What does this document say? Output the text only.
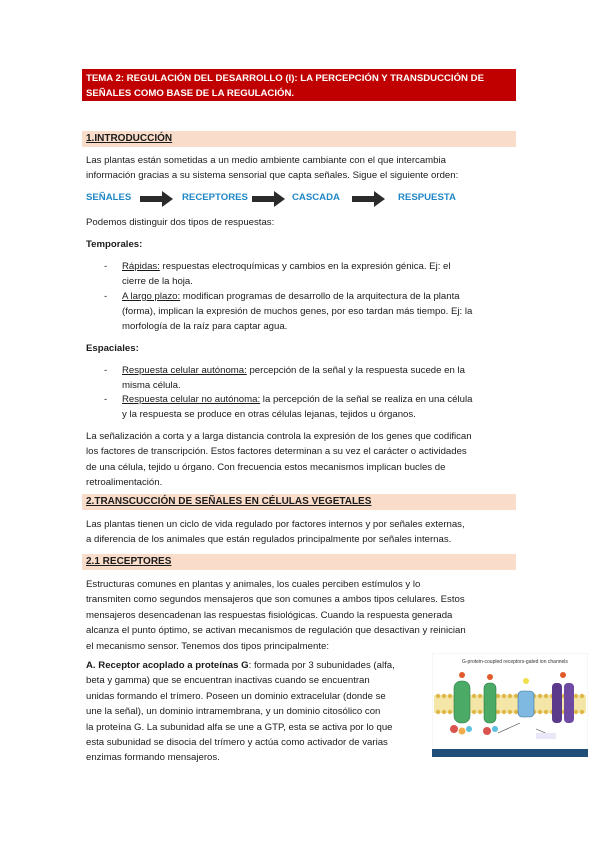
TEMA 2: REGULACIÓN DEL DESARROLLO (I): LA PERCEPCIÓN Y TRANSDUCCIÓN DE
SEÑALES COMO BASE DE LA REGULACIÓN.
1.INTRODUCCIÓN

Las plantas están sometidas a un medio ambiente cambiante con el que intercambia
información gracias a su sistema sensorial que capta señales. Sigue el siguiente orden:

SEÑALES	RECEPTORES	CASCADA	RESPUESTA

Podemos distinguir dos tipos de respuestas:

Temporales:

- Rápidas: respuestas electroquímicas y cambios en la expresión génica. Ej: el
cierre de la hoja.
- A largo plazo: modifican programas de desarrollo de la arquitectura de la planta
(forma), implican la expresión de muchos genes, por eso tardan más tiempo. Ej: la
morfología de la raíz para captar agua.

Espaciales:

- Respuesta celular autónoma: percepción de la señal y la respuesta sucede en la
misma célula.
- Respuesta celular no autónoma: la percepción de la señal se realiza en una célula
y la respuesta se produce en otras células lejanas, tejidos u órganos.

La señalización a corta y a larga distancia controla la expresión de los genes que codifican
los factores de transcripción. Estos factores determinan a su vez el carácter o actividades
de una célula, tejido u órgano. Con frecuencia estos mecanismos implican bucles de
retroalimentación.

2.TRANSCUCCIÓN DE SEÑALES EN CÉLULAS VEGETALES

Las plantas tienen un ciclo de vida regulado por factores internos y por señales externas,
a diferencia de los animales que están regulados principalmente por señales internas.

2.1 RECEPTORES

Estructuras comunes en plantas y animales, los cuales perciben estímulos y lo
transmiten como segundos mensajeros que son comunes a ambos tipos celulares. Estos
mensajeros desencadenan las respuestas fisiológicas. Cuando la respuesta generada
alcanza el punto óptimo, se activan mecanismos de regulación que desactivan y reinician
el mecanismo sensor. Tenemos dos tipos principalmente:

A. Receptor acoplado a proteínas G: formada por 3 subunidades (alfa,
beta y gamma) que se encuentran inactivas cuando se encuentran
unidas formando el trímero. Poseen un dominio extracelular (donde se
une la señal), un dominio intramembrana, y un dominio citosólico con
la proteína G. La subunidad alfa se une a GTP, esta se activa por lo que
esta subunidad se disocia del trímero y actúa como activador de varias
enzimas formando mensajeros.

G-protein-coupled receptors-gated ion channels
